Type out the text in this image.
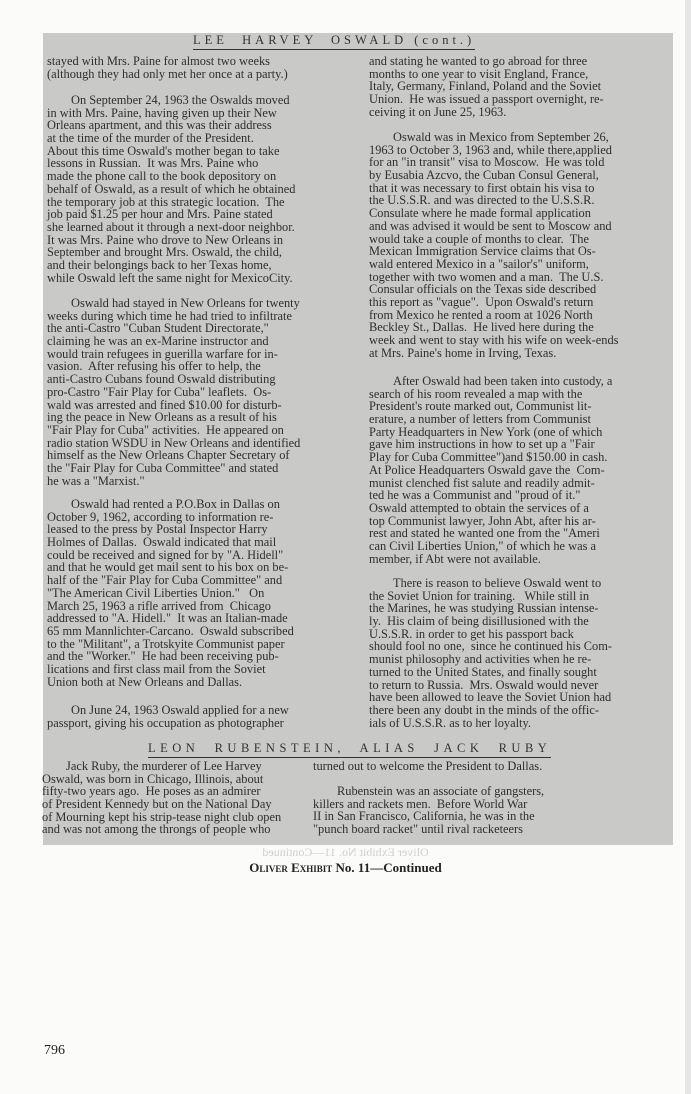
LEE  HARVEY  OSWALD (cont.)
LEON  RUBENSTEIN,  ALIAS  JACK  RUBY
stayed with Mrs. Paine for almost two weeks
(although they had only met her once at a party.)
On September 24, 1963 the Oswalds moved
in with Mrs. Paine, having given up their New
Orleans apartment, and this was their address
at the time of the murder of the President.
About this time Oswald's mother began to take
lessons in Russian.  It was Mrs. Paine who
made the phone call to the book depository on
behalf of Oswald, as a result of which he obtained
the temporary job at this strategic location.  The
job paid $1.25 per hour and Mrs. Paine stated
she learned about it through a next-door neighbor.
It was Mrs. Paine who drove to New Orleans in
September and brought Mrs. Oswald, the child,
and their belongings back to her Texas home,
while Oswald left the same night for MexicoCity.
Oswald had stayed in New Orleans for twenty
weeks during which time he had tried to infiltrate
the anti-Castro "Cuban Student Directorate,"
claiming he was an ex-Marine instructor and
would train refugees in guerilla warfare for in-
vasion.  After refusing his offer to help, the
anti-Castro Cubans found Oswald distributing
pro-Castro "Fair Play for Cuba" leaflets.  Os-
wald was arrested and fined $10.00 for disturb-
ing the peace in New Orleans as a result of his
"Fair Play for Cuba" activities.  He appeared on
radio station WSDU in New Orleans and identified
himself as the New Orleans Chapter Secretary of
the "Fair Play for Cuba Committee" and stated
he was a "Marxist."
Oswald had rented a P.O.Box in Dallas on
October 9, 1962, according to information re-
leased to the press by Postal Inspector Harry
Holmes of Dallas.  Oswald indicated that mail
could be received and signed for by "A. Hidell"
and that he would get mail sent to his box on be-
half of the "Fair Play for Cuba Committee" and
"The American Civil Liberties Union."   On
March 25, 1963 a rifle arrived from  Chicago
addressed to "A. Hidell."  It was an Italian-made
65 mm Mannlichter-Carcano.  Oswald subscribed
to the "Militant", a Trotskyite Communist paper
and the "Worker."  He had been receiving pub-
lications and first class mail from the Soviet
Union both at New Orleans and Dallas.
On June 24, 1963 Oswald applied for a new
passport, giving his occupation as photographer
and stating he wanted to go abroad for three
months to one year to visit England, France,
Italy, Germany, Finland, Poland and the Soviet
Union.  He was issued a passport overnight, re-
ceiving it on June 25, 1963.
Oswald was in Mexico from September 26,
1963 to October 3, 1963 and, while there,applied
for an "in transit" visa to Moscow.  He was told
by Eusabia Azcvo, the Cuban Consul General,
that it was necessary to first obtain his visa to
the U.S.S.R. and was directed to the U.S.S.R.
Consulate where he made formal application
and was advised it would be sent to Moscow and
would take a couple of months to clear.  The
Mexican Immigration Service claims that Os-
wald entered Mexico in a "sailor's" uniform,
together with two women and a man.  The U.S.
Consular officials on the Texas side described
this report as "vague".  Upon Oswald's return
from Mexico he rented a room at 1026 North
Beckley St., Dallas.  He lived here during the
week and went to stay with his wife on week-ends
at Mrs. Paine's home in Irving, Texas.
After Oswald had been taken into custody, a
search of his room revealed a map with the
President's route marked out, Communist lit-
erature, a number of letters from Communist
Party Headquarters in New York (one of which
gave him instructions in how to set up a "Fair
Play for Cuba Committee")and $150.00 in cash.
At Police Headquarters Oswald gave the  Com-
munist clenched fist salute and readily admit-
ted he was a Communist and "proud of it."
Oswald attempted to obtain the services of a
top Communist lawyer, John Abt, after his ar-
rest and stated he wanted one from the "Ameri
can Civil Liberties Union," of which he was a
member, if Abt were not available.
There is reason to believe Oswald went to
the Soviet Union for training.   While still in
the Marines, he was studying Russian intense-
ly.  His claim of being disillusioned with the
U.S.S.R. in order to get his passport back
should fool no one,  since he continued his Com-
munist philosophy and activities when he re-
turned to the United States, and finally sought
to return to Russia.  Mrs. Oswald would never
have been allowed to leave the Soviet Union had
there been any doubt in the minds of the offic-
ials of U.S.S.R. as to her loyalty.
Jack Ruby, the murderer of Lee Harvey
Oswald, was born in Chicago, Illinois, about
fifty-two years ago.  He poses as an admirer
of President Kennedy but on the National Day
of Mourning kept his strip-tease night club open
and was not among the throngs of people who
turned out to welcome the President to Dallas.
Rubenstein was an associate of gangsters,
killers and rackets men.  Before World War
II in San Francisco, California, he was in the
"punch board racket" until rival racketeers
Oliver Exhibit No. 11—Continued
Oliver Exhibit No. 11—Continued
796
